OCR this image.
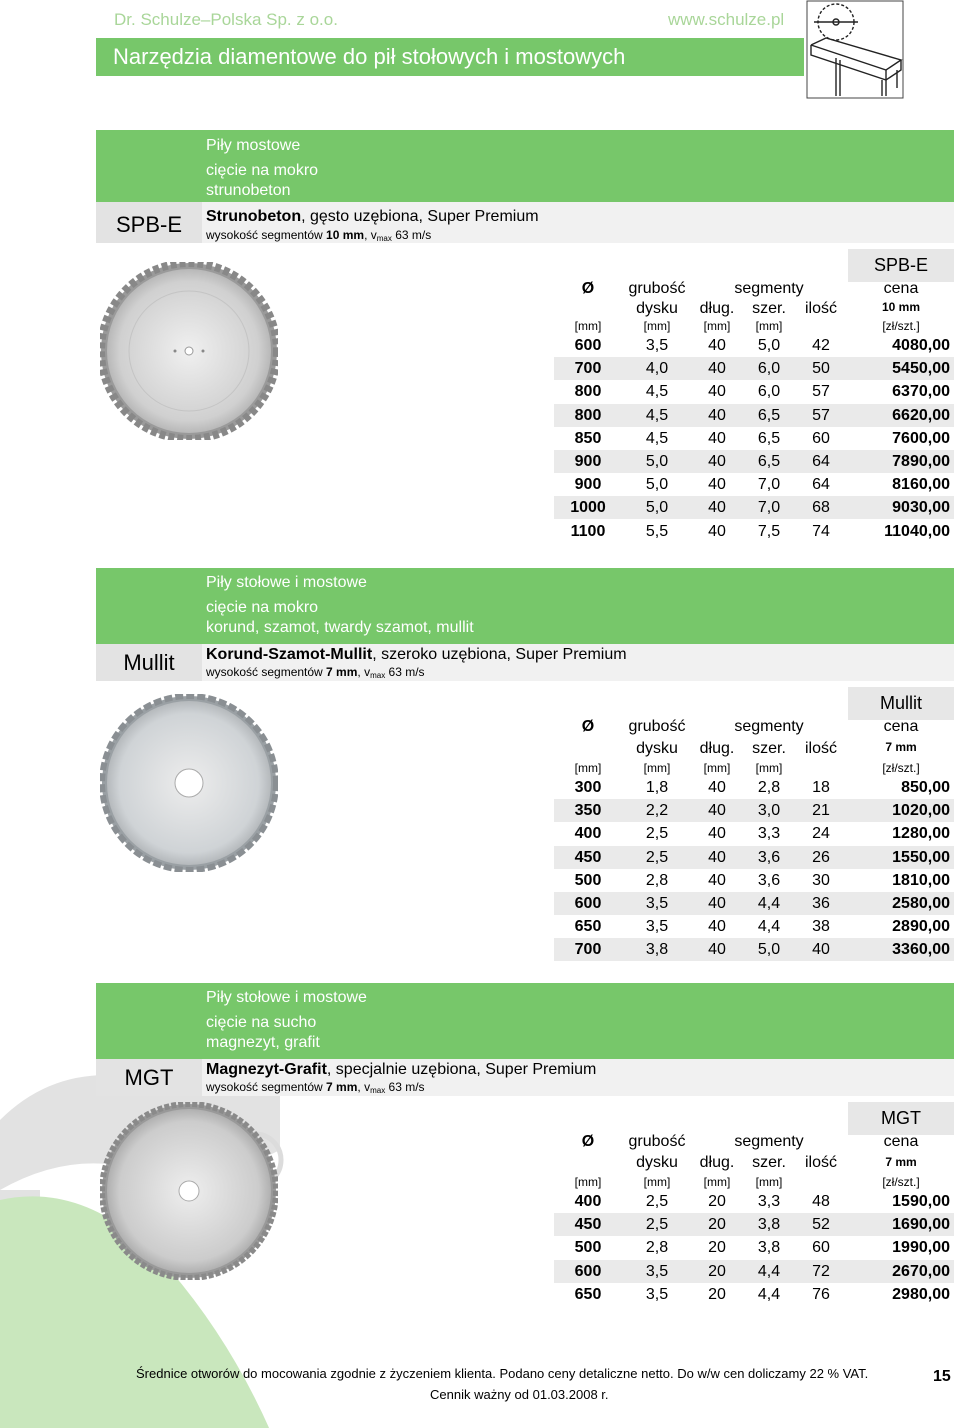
Dr. Schulze–Polska Sp. z o.o.	www.schulze.pl
Narzędzia diamentowe do pił stołowych i mostowych
SPB-E
Piły mostowe
cięcie na mokro
strunobeton
Strunobeton, gęsto uzębiona, Super Premium
wysokość segmentów 10 mm, $v_{max}$ 63 m/s
SPB-E
Ø	grubość
dysku
segmenty
dług.	szer.	ilość
cena
10 mm
[mm]	[mm]	[mm]	[mm]	[zł/szt.]
600	3,5	40	5,0	42	4080,00
700	4,0	40	6,0	50	5450,00
800	4,5	40	6,0	57	6370,00
800	4,5	40	6,5	57	6620,00
850	4,5	40	6,5	60	7600,00
900	5,0	40	6,5	64	7890,00
900	5,0	40	7,0	64	8160,00
1000	5,0	40	7,0	68	9030,00
1100	5,5	40	7,5	74	11040,00
Mullit
Piły stołowe i mostowe
cięcie na mokro
korund, szamot, twardy szamot, mullit
Korund-Szamot-Mullit, szeroko uzębiona, Super Premium
wysokość segmentów 7 mm, $v_{max}$ 63 m/s
Mullit
Ø	grubość
dysku
segmenty
dług.	szer.	ilość
cena
7 mm
[mm]	[mm]	[mm]	[mm]	[zł/szt.]
300	1,8	40	2,8	18	850,00
350	2,2	40	3,0	21	1020,00
400	2,5	40	3,3	24	1280,00
450	2,5	40	3,6	26	1550,00
500	2,8	40	3,6	30	1810,00
600	3,5	40	4,4	36	2580,00
650	3,5	40	4,4	38	2890,00
700	3,8	40	5,0	40	3360,00
MGT
Piły stołowe i mostowe
cięcie na sucho
magnezyt, grafit
Magnezyt-Grafit, specjalnie uzębiona, Super Premium
wysokość segmentów 7 mm, $v_{max}$ 63 m/s
MGT
Ø	grubość
dysku
segmenty
dług.	szer.	ilość
cena
7 mm
[mm]	[mm]	[mm]	[mm]	[zł/szt.]
400	2,5	20	3,3	48	1590,00
450	2,5	20	3,8	52	1690,00
500	2,8	20	3,8	60	1990,00
600	3,5	20	4,4	72	2670,00
650	3,5	20	4,4	76	2980,00
Średnice otworów do mocowania zgodnie z życzeniem klienta. Podano ceny detaliczne netto. Do w/w cen doliczamy 22 % VAT.
Cennik ważny od 01.03.2008 r.
15
